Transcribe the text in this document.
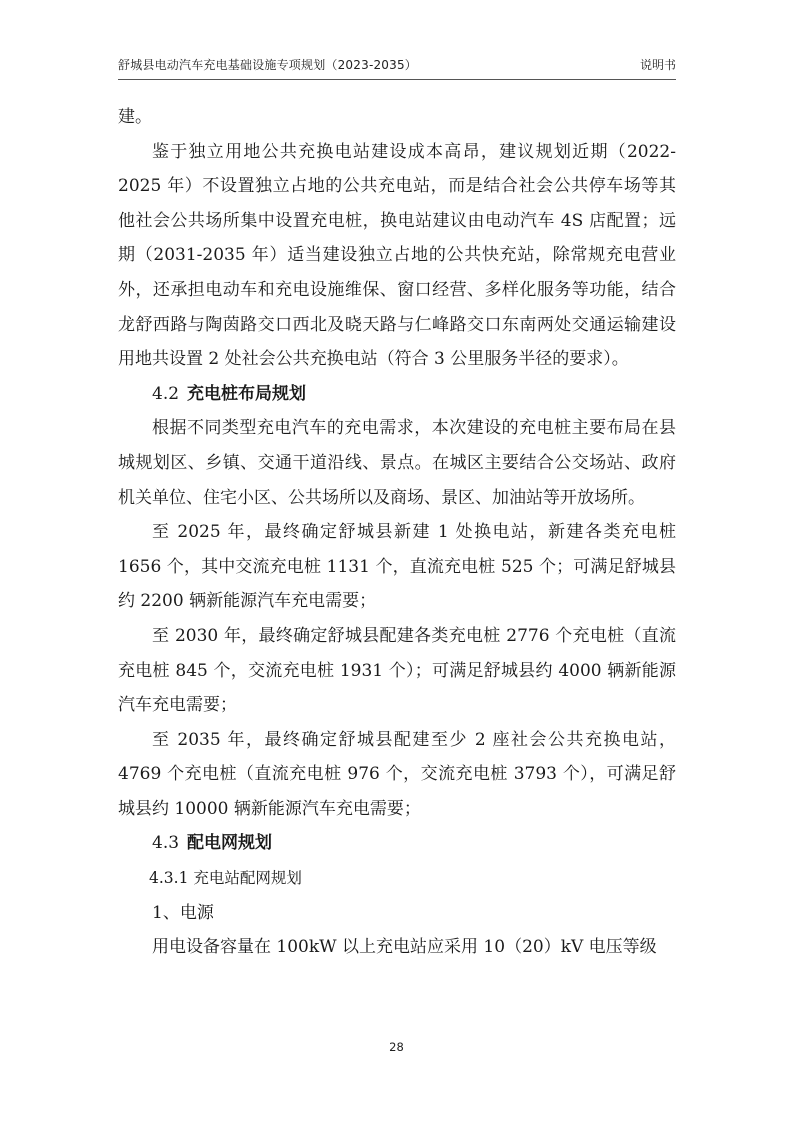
舒城县电动汽车充电基础设施专项规划（2023-2035）	说明书

建。

鉴于独立用地公共充换电站建设成本高昂，建议规划近期（2022-2025 年）不设置独立占地的公共充电站，而是结合社会公共停车场等其他社会公共场所集中设置充电桩，换电站建议由电动汽车 4S 店配置；远期（2031-2035 年）适当建设独立占地的公共快充站，除常规充电营业外，还承担电动车和充电设施维保、窗口经营、多样化服务等功能，结合龙舒西路与陶茵路交口西北及晓天路与仁峰路交口东南两处交通运输建设用地共设置 2 处社会公共充换电站（符合 3 公里服务半径的要求）。

4.2 充电桩布局规划

根据不同类型充电汽车的充电需求，本次建设的充电桩主要布局在县城规划区、乡镇、交通干道沿线、景点。在城区主要结合公交场站、政府机关单位、住宅小区、公共场所以及商场、景区、加油站等开放场所。

至 2025 年，最终确定舒城县新建 1 处换电站，新建各类充电桩 1656 个，其中交流充电桩 1131 个，直流充电桩 525 个；可满足舒城县约 2200 辆新能源汽车充电需要；

至 2030 年，最终确定舒城县配建各类充电桩 2776 个充电桩（直流充电桩 845 个，交流充电桩 1931 个）；可满足舒城县约 4000 辆新能源汽车充电需要；

至 2035 年，最终确定舒城县配建至少 2 座社会公共充换电站，4769 个充电桩（直流充电桩 976 个，交流充电桩 3793 个），可满足舒城县约 10000 辆新能源汽车充电需要；

4.3 配电网规划
4.3.1 充电站配网规划
1、电源

用电设备容量在 100kW 以上充电站应采用 10（20）kV 电压等级

28
